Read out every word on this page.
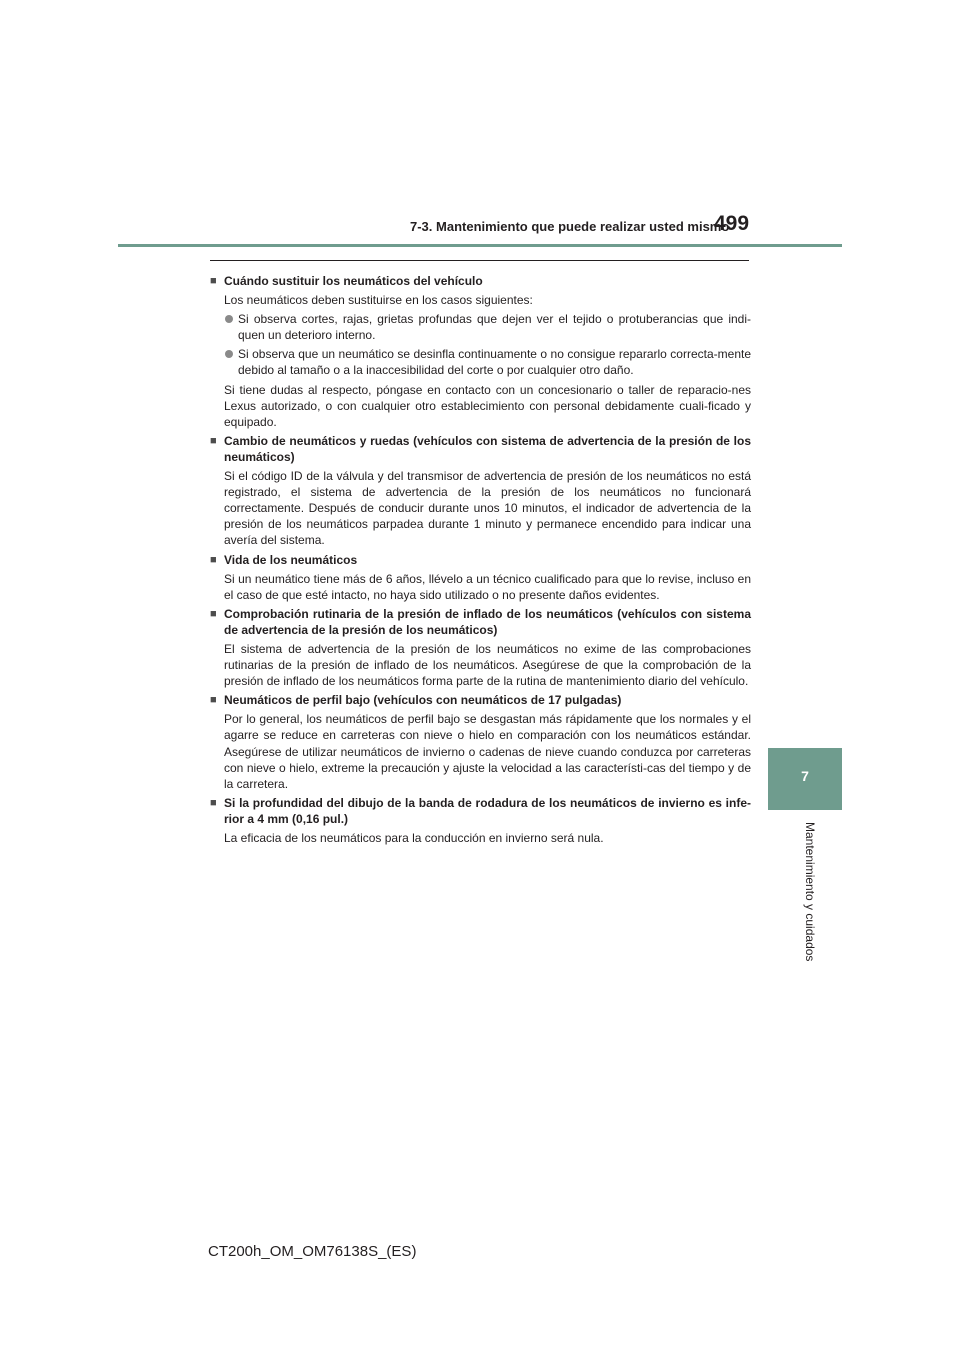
7-3. Mantenimiento que puede realizar usted mismo
499
7
Mantenimiento y cuidados
■ Cuándo sustituir los neumáticos del vehículo
Los neumáticos deben sustituirse en los casos siguientes:
Si observa cortes, rajas, grietas profundas que dejen ver el tejido o protuberancias que indi-quen un deterioro interno.
Si observa que un neumático se desinfla continuamente o no consigue repararlo correcta-mente debido al tamaño o a la inaccesibilidad del corte o por cualquier otro daño.
Si tiene dudas al respecto, póngase en contacto con un concesionario o taller de reparacio-nes Lexus autorizado, o con cualquier otro establecimiento con personal debidamente cuali-ficado y equipado.
■ Cambio de neumáticos y ruedas (vehículos con sistema de advertencia de la presión de los neumáticos)
Si el código ID de la válvula y del transmisor de advertencia de presión de los neumáticos no está registrado, el sistema de advertencia de la presión de los neumáticos no funcionará correctamente. Después de conducir durante unos 10 minutos, el indicador de advertencia de la presión de los neumáticos parpadea durante 1 minuto y permanece encendido para indicar una avería del sistema.
■ Vida de los neumáticos
Si un neumático tiene más de 6 años, llévelo a un técnico cualificado para que lo revise, incluso en el caso de que esté intacto, no haya sido utilizado o no presente daños evidentes.
■ Comprobación rutinaria de la presión de inflado de los neumáticos (vehículos con sistema de advertencia de la presión de los neumáticos)
El sistema de advertencia de la presión de los neumáticos no exime de las comprobaciones rutinarias de la presión de inflado de los neumáticos. Asegúrese de que la comprobación de la presión de inflado de los neumáticos forma parte de la rutina de mantenimiento diario del vehículo.
■ Neumáticos de perfil bajo (vehículos con neumáticos de 17 pulgadas)
Por lo general, los neumáticos de perfil bajo se desgastan más rápidamente que los normales y el agarre se reduce en carreteras con nieve o hielo en comparación con los neumáticos estándar. Asegúrese de utilizar neumáticos de invierno o cadenas de nieve cuando conduzca por carreteras con nieve o hielo, extreme la precaución y ajuste la velocidad a las característi-cas del tiempo y de la carretera.
■ Si la profundidad del dibujo de la banda de rodadura de los neumáticos de invierno es infe-rior a 4 mm (0,16 pul.)
La eficacia de los neumáticos para la conducción en invierno será nula.
CT200h_OM_OM76138S_(ES)
